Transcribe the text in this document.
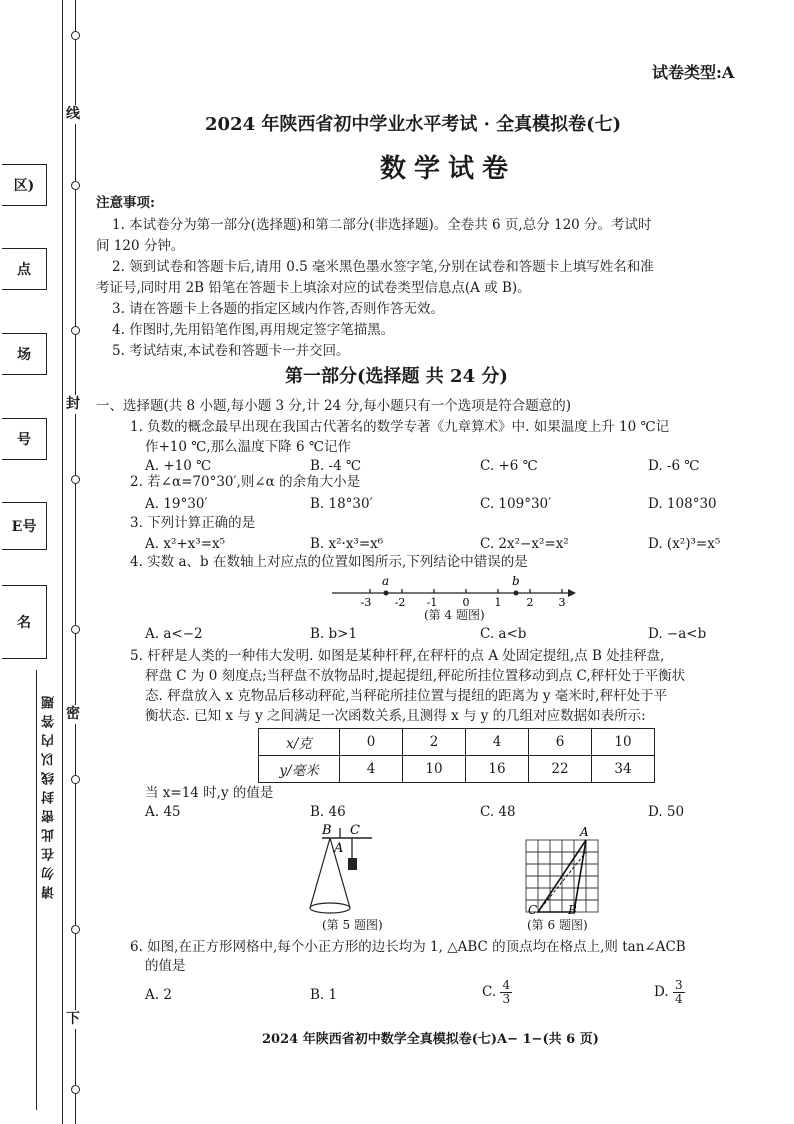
线
封
密
下
区)
点
场
号
E号
名
请勿在此密封线以内答题
试卷类型:A
2024 年陕西省初中学业水平考试 · 全真模拟卷(七)
数学试卷
注意事项:
1. 本试卷分为第一部分(选择题)和第二部分(非选择题)。全卷共 6 页,总分 120 分。考试时
间 120 分钟。
2. 领到试卷和答题卡后,请用 0.5 毫米黑色墨水签字笔,分别在试卷和答题卡上填写姓名和准
考证号,同时用 2B 铅笔在答题卡上填涂对应的试卷类型信息点(A 或 B)。
3. 请在答题卡上各题的指定区域内作答,否则作答无效。
4. 作图时,先用铅笔作图,再用规定签字笔描黑。
5. 考试结束,本试卷和答题卡一并交回。
第一部分(选择题 共 24 分)
一、选择题(共 8 小题,每小题 3 分,计 24 分,每小题只有一个选项是符合题意的)
1. 负数的概念最早出现在我国古代著名的数学专著《九章算术》中. 如果温度上升 10 ℃记
作+10 ℃,那么温度下降 6 ℃记作
A. +10 ℃	B. -4 ℃	C. +6 ℃	D. -6 ℃
2. 若∠α=70°30′,则∠α 的余角大小是
A. 19°30′	B. 18°30′	C. 109°30′	D. 108°30
3. 下列计算正确的是
A. x²+x³=x⁵	B. x²·x³=x⁶	C. 2x²−x²=x²	D. (x²)³=x⁵
4. 实数 a、b 在数轴上对应点的位置如图所示,下列结论中错误的是
a	b
-3 -2 -1 0 1 2 3
(第 4 题图)
A. a<−2	B. b>1	C. a<b	D. −a<b
5. 杆秤是人类的一种伟大发明. 如图是某种杆秤,在秤杆的点 A 处固定提纽,点 B 处挂秤盘,
秤盘 C 为 0 刻度点;当秤盘不放物品时,提起提纽,秤砣所挂位置移动到点 C,秤杆处于平衡状
态. 秤盘放入 x 克物品后移动秤砣,当秤砣所挂位置与提纽的距离为 y 毫米时,秤杆处于平
衡状态. 已知 x 与 y 之间满足一次函数关系,且测得 x 与 y 的几组对应数据如表所示:
x/克	0	2	4	6	10
y/毫米	4	10	16	22	34
当 x=14 时,y 的值是
A. 45	B. 46	C. 48	D. 50
B C
A
(第 5 题图)
A
C	B
(第 6 题图)
6. 如图,在正方形网格中,每个小正方形的边长均为 1, △ABC 的顶点均在格点上,则 tan∠ACB
的值是
A. 2	B. 1	C. $\frac{4}{3}$	D. $\frac{3}{4}$
2024 年陕西省初中数学全真模拟卷(七)A− 1−(共 6 页)
